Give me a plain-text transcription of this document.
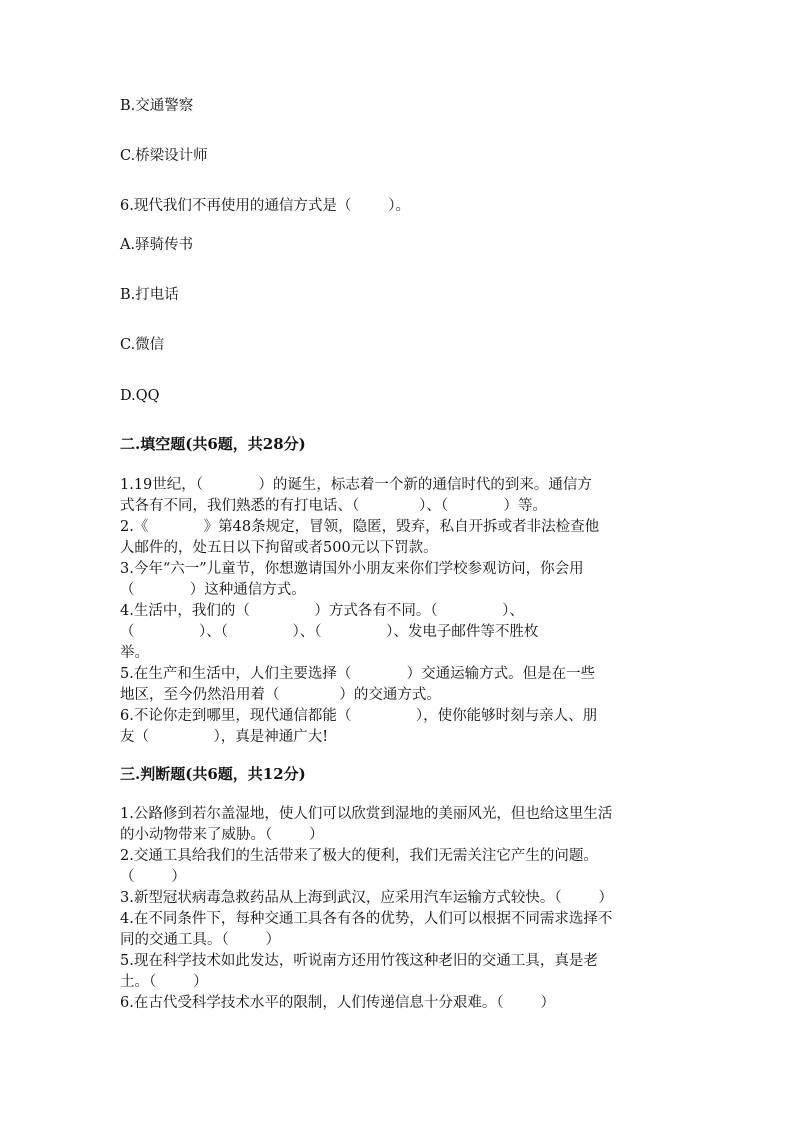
B.交通警察
C.桥梁设计师
6.现代我们不再使用的通信方式是（        ）。
A.驿骑传书
B.打电话
C.微信
D.QQ
二.填空题(共6题，共28分)
1.19世纪，（            ）的诞生，标志着一个新的通信时代的到来。通信方
式各有不同，我们熟悉的有打电话、（             ）、（            ）等。
2.《            》第48条规定，冒领，隐匿，毁弃，私自开拆或者非法检查他
人邮件的，处五日以下拘留或者500元以下罚款。
3.今年“六一”儿童节，你想邀请国外小朋友来你们学校参观访问，你会用
（            ）这种通信方式。
4.生活中，我们的（              ）方式各有不同。（              ）、
（              ）、（              ）、（              ）、发电子邮件等不胜枚
举。
5.在生产和生活中，人们主要选择（            ）交通运输方式。但是在一些
地区，至今仍然沿用着（             ）的交通方式。
6.不论你走到哪里，现代通信都能（              ），使你能够时刻与亲人、朋
友（              ），真是神通广大!
三.判断题(共6题，共12分)
1.公路修到若尔盖湿地，使人们可以欣赏到湿地的美丽风光，但也给这里生活
的小动物带来了威胁。（        ）
2.交通工具给我们的生活带来了极大的便利，我们无需关注它产生的问题。
（        ）
3.新型冠状病毒急救药品从上海到武汉，应采用汽车运输方式较快。（        ）
4.在不同条件下，每种交通工具各有各的优势，人们可以根据不同需求选择不
同的交通工具。（        ）
5.现在科学技术如此发达，听说南方还用竹筏这种老旧的交通工具，真是老
土。（        ）
6.在古代受科学技术水平的限制，人们传递信息十分艰难。（        ）
